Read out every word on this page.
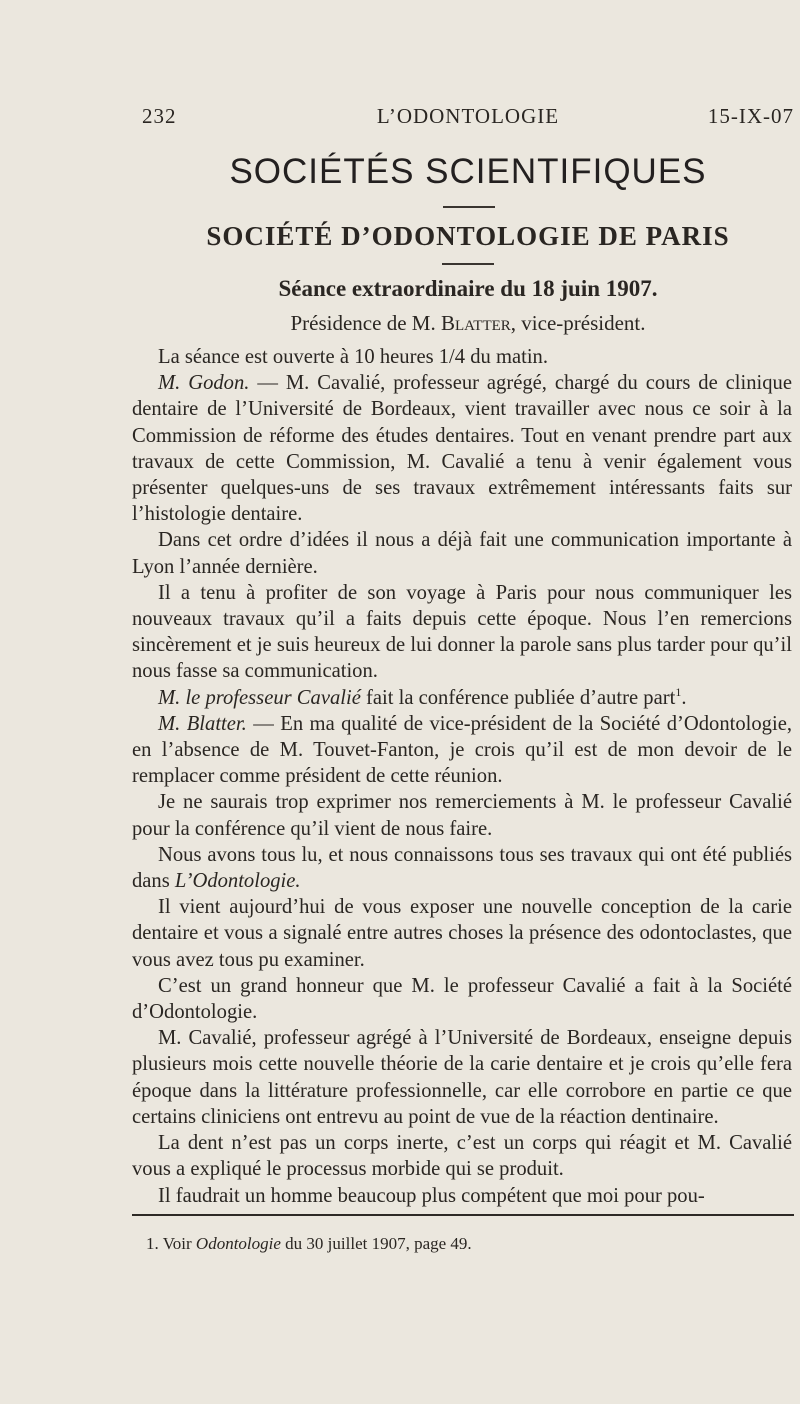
232	L’ODONTOLOGIE	15-IX-07
SOCIÉTÉS SCIENTIFIQUES
SOCIÉTÉ D’ODONTOLOGIE DE PARIS
Séance extraordinaire du 18 juin 1907.
Présidence de M. Blatter, vice-président.

La séance est ouverte à 10 heures 1/4 du matin.

M. Godon. — M. Cavalié, professeur agrégé, chargé du cours de clinique dentaire de l’Université de Bordeaux, vient travailler avec nous ce soir à la Commission de réforme des études dentaires. Tout en venant prendre part aux travaux de cette Commission, M. Cavalié a tenu à venir également vous présenter quelques-uns de ses travaux extrêmement intéressants faits sur l’histologie dentaire.

Dans cet ordre d’idées il nous a déjà fait une communication importante à Lyon l’année dernière.

Il a tenu à profiter de son voyage à Paris pour nous communiquer les nouveaux travaux qu’il a faits depuis cette époque. Nous l’en remercions sincèrement et je suis heureux de lui donner la parole sans plus tarder pour qu’il nous fasse sa communication.

M. le professeur Cavalié fait la conférence publiée d’autre part$^1$.

M. Blatter. — En ma qualité de vice-président de la Société d’Odontologie, en l’absence de M. Touvet-Fanton, je crois qu’il est de mon devoir de le remplacer comme président de cette réunion.

Je ne saurais trop exprimer nos remerciements à M. le professeur Cavalié pour la conférence qu’il vient de nous faire.

Nous avons tous lu, et nous connaissons tous ses travaux qui ont été publiés dans L’Odontologie.

Il vient aujourd’hui de vous exposer une nouvelle conception de la carie dentaire et vous a signalé entre autres choses la présence des odontoclastes, que vous avez tous pu examiner.

C’est un grand honneur que M. le professeur Cavalié a fait à la Société d’Odontologie.

M. Cavalié, professeur agrégé à l’Université de Bordeaux, enseigne depuis plusieurs mois cette nouvelle théorie de la carie dentaire et je crois qu’elle fera époque dans la littérature professionnelle, car elle corrobore en partie ce que certains cliniciens ont entrevu au point de vue de la réaction dentinaire.

La dent n’est pas un corps inerte, c’est un corps qui réagit et M. Cavalié vous a expliqué le processus morbide qui se produit.

Il faudrait un homme beaucoup plus compétent que moi pour pou-

1. Voir Odontologie du 30 juillet 1907, page 49.
